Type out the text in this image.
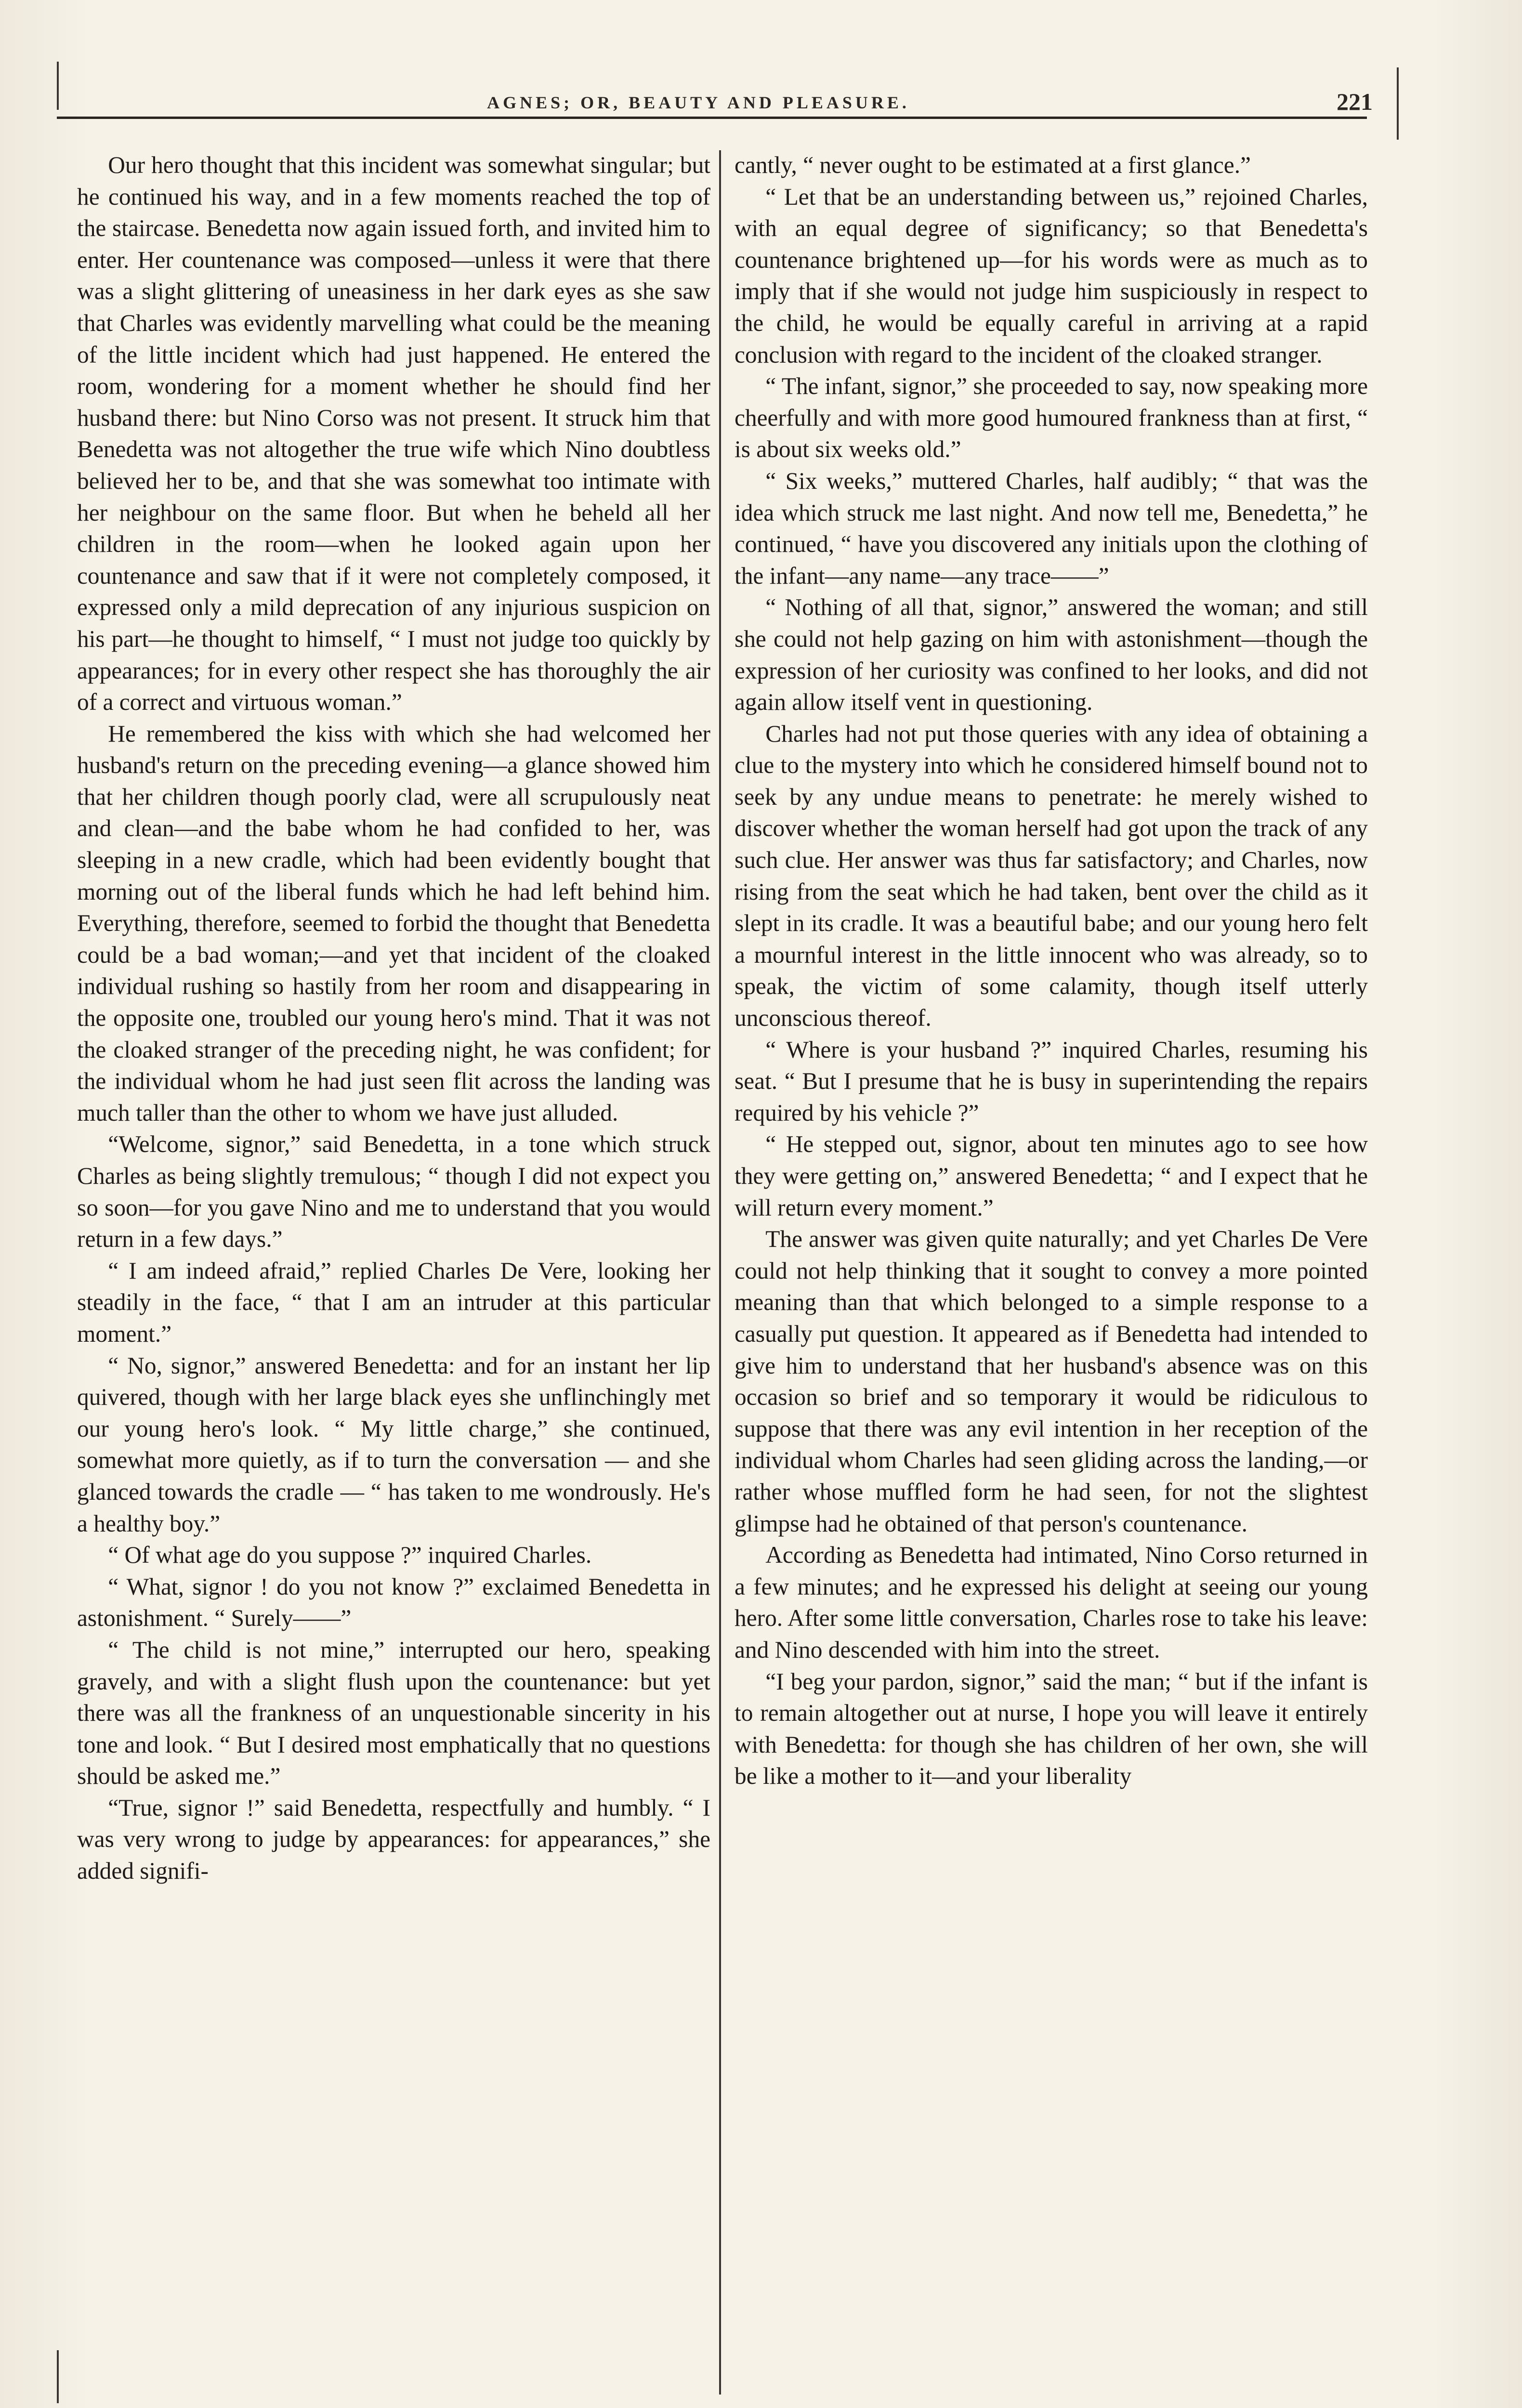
AGNES; OR, BEAUTY AND PLEASURE.	221

Our hero thought that this incident was somewhat singular; but he continued his way, and in a few moments reached the top of the staircase. Benedetta now again issued forth, and invited him to enter. Her countenance was composed—unless it were that there was a slight glittering of uneasiness in her dark eyes as she saw that Charles was evidently marvelling what could be the meaning of the little incident which had just happened. He entered the room, wondering for a moment whether he should find her husband there: but Nino Corso was not present. It struck him that Benedetta was not altogether the true wife which Nino doubtless believed her to be, and that she was somewhat too intimate with her neighbour on the same floor. But when he beheld all her children in the room—when he looked again upon her countenance and saw that if it were not completely composed, it expressed only a mild deprecation of any injurious suspicion on his part—he thought to himself, “ I must not judge too quickly by appearances; for in every other respect she has thoroughly the air of a correct and virtuous woman.”

He remembered the kiss with which she had welcomed her husband's return on the preceding evening—a glance showed him that her children though poorly clad, were all scrupulously neat and clean—and the babe whom he had confided to her, was sleeping in a new cradle, which had been evidently bought that morning out of the liberal funds which he had left behind him. Everything, therefore, seemed to forbid the thought that Benedetta could be a bad woman;—and yet that incident of the cloaked individual rushing so hastily from her room and disappearing in the opposite one, troubled our young hero's mind. That it was not the cloaked stranger of the preceding night, he was confident; for the individual whom he had just seen flit across the landing was much taller than the other to whom we have just alluded.

“Welcome, signor,” said Benedetta, in a tone which struck Charles as being slightly tremulous; “ though I did not expect you so soon—for you gave Nino and me to understand that you would return in a few days.”

“ I am indeed afraid,” replied Charles De Vere, looking her steadily in the face, “ that I am an intruder at this particular moment.”

“ No, signor,” answered Benedetta: and for an instant her lip quivered, though with her large black eyes she unflinchingly met our young hero's look. “ My little charge,” she continued, somewhat more quietly, as if to turn the conversation — and she glanced towards the cradle — “ has taken to me wondrously. He's a healthy boy.”

“ Of what age do you suppose ?” inquired Charles.

“ What, signor ! do you not know ?” exclaimed Benedetta in astonishment. “ Surely——”

“ The child is not mine,” interrupted our hero, speaking gravely, and with a slight flush upon the countenance: but yet there was all the frankness of an unquestionable sincerity in his tone and look. “ But I desired most emphatically that no questions should be asked me.”

“True, signor !” said Benedetta, respectfully and humbly. “ I was very wrong to judge by appearances: for appearances,” she added signifi-

cantly, “ never ought to be estimated at a first glance.”

“ Let that be an understanding between us,” rejoined Charles, with an equal degree of significancy; so that Benedetta's countenance brightened up—for his words were as much as to imply that if she would not judge him suspiciously in respect to the child, he would be equally careful in arriving at a rapid conclusion with regard to the incident of the cloaked stranger.

“ The infant, signor,” she proceeded to say, now speaking more cheerfully and with more good humoured frankness than at first, “ is about six weeks old.”

“ Six weeks,” muttered Charles, half audibly; “ that was the idea which struck me last night. And now tell me, Benedetta,” he continued, “ have you discovered any initials upon the clothing of the infant—any name—any trace——”

“ Nothing of all that, signor,” answered the woman; and still she could not help gazing on him with astonishment—though the expression of her curiosity was confined to her looks, and did not again allow itself vent in questioning.

Charles had not put those queries with any idea of obtaining a clue to the mystery into which he considered himself bound not to seek by any undue means to penetrate: he merely wished to discover whether the woman herself had got upon the track of any such clue. Her answer was thus far satisfactory; and Charles, now rising from the seat which he had taken, bent over the child as it slept in its cradle. It was a beautiful babe; and our young hero felt a mournful interest in the little innocent who was already, so to speak, the victim of some calamity, though itself utterly unconscious thereof.

“ Where is your husband ?” inquired Charles, resuming his seat. “ But I presume that he is busy in superintending the repairs required by his vehicle ?”

“ He stepped out, signor, about ten minutes ago to see how they were getting on,” answered Benedetta; “ and I expect that he will return every moment.”

The answer was given quite naturally; and yet Charles De Vere could not help thinking that it sought to convey a more pointed meaning than that which belonged to a simple response to a casually put question. It appeared as if Benedetta had intended to give him to understand that her husband's absence was on this occasion so brief and so temporary it would be ridiculous to suppose that there was any evil intention in her reception of the individual whom Charles had seen gliding across the landing,—or rather whose muffled form he had seen, for not the slightest glimpse had he obtained of that person's countenance.

According as Benedetta had intimated, Nino Corso returned in a few minutes; and he expressed his delight at seeing our young hero. After some little conversation, Charles rose to take his leave: and Nino descended with him into the street.

“I beg your pardon, signor,” said the man; “ but if the infant is to remain altogether out at nurse, I hope you will leave it entirely with Benedetta: for though she has children of her own, she will be like a mother to it—and your liberality
